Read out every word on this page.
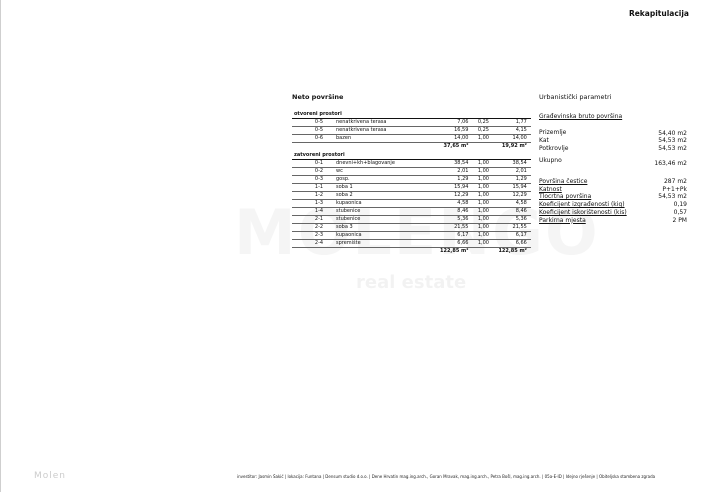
real estate
Rekapitulacija
Neto površine
otvoreni prostori				
0-5	nenatkrivena terasa	7,06	0,25	1,77
0-5	nenatkrivena terasa	16,59	0,25	4,15
0-6	bazen	14,00	1,00	14,00
		37,65 m²		19,92 m²

zatvoreni prostori				
0-1	dnevni+kh+blagovanje	38,54	1,00	38,54
0-2	wc	2,01	1,00	2,01
0-3	gosp.	1,29	1,00	1,29
1-1	soba 1	15,94	1,00	15,94
1-2	soba 2	12,29	1,00	12,29
1-3	kupaonica	4,58	1,00	4,58
1-4	stubenice	8,46	1,00	8,46
2-1	stubenice	5,36	1,00	5,36
2-2	soba 3	21,55	1,00	21,55
2-3	kupaonica	6,17	1,00	6,17
2-4	spremište	6,66	1,00	6,66
		122,85 m²		122,85 m²
Urbanistički parametri
Građevinska bruto površina
Prizemlje	54,40 m2
Kat	54,53 m2
Potkrovlje	54,53 m2
Ukupno	163,46 m2
Površina čestice	287 m2
Katnost	P+1+Pk
Tlocrtna površina	54,53 m2
Koeficijent izgrađenosti (kig)	0,19
Koeficijent iskorištenosti (kis)	0,57
Parkirna mjesta	2 PM
Molen	investitor: Jasmin Šakić | lokacija: Funtana | Densum studio d.o.o. | Dene Hrvatin mag.ing.arch., Goran Mravak, mag.ing.arch., Petra Bošl, mag.ing.arch. | 05a-E-ID | Idejno rješenje | Obiteljska stambena zgrada
